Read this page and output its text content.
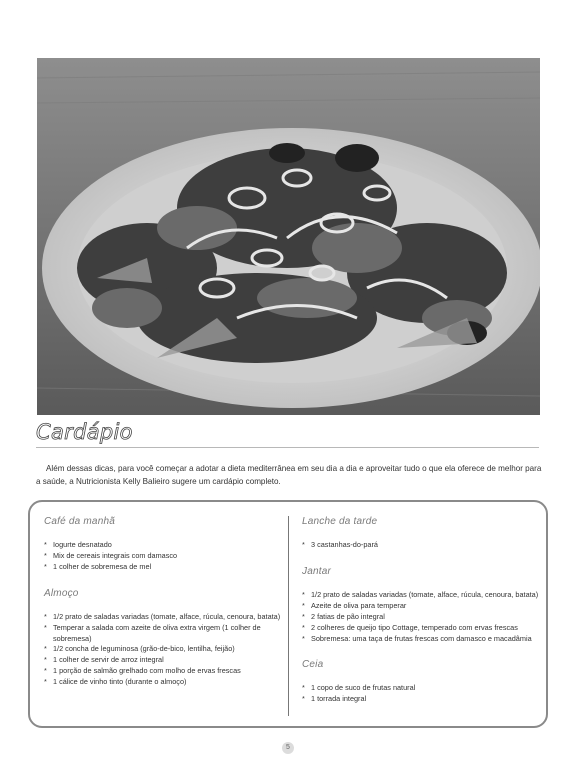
Cardápio

Além dessas dicas, para você começar a adotar a dieta mediterrânea em seu dia a dia e aproveitar tudo o que ela oferece de melhor para a saúde, a Nutricionista Kelly Balieiro sugere um cardápio completo.

Café da manhã
* Iogurte desnatado
* Mix de cereais integrais com damasco
* 1 colher de sobremesa de mel
Almoço
* 1/2 prato de saladas variadas (tomate, alface, rúcula, cenoura, batata)
* Temperar a salada com azeite de oliva extra virgem (1 colher de sobremesa)
* 1/2 concha de leguminosa (grão-de-bico, lentilha, feijão)
* 1 colher de servir de arroz integral
* 1 porção de salmão grelhado com molho de ervas frescas
* 1 cálice de vinho tinto (durante o almoço)
Lanche da tarde
* 3 castanhas-do-pará
Jantar
* 1/2 prato de saladas variadas (tomate, alface, rúcula, cenoura, batata)
* Azeite de oliva para temperar
* 2 fatias de pão integral
* 2 colheres de queijo tipo Cottage, temperado com ervas frescas
* Sobremesa: uma taça de frutas frescas com damasco e macadâmia
Ceia
* 1 copo de suco de frutas natural
* 1 torrada integral
5
